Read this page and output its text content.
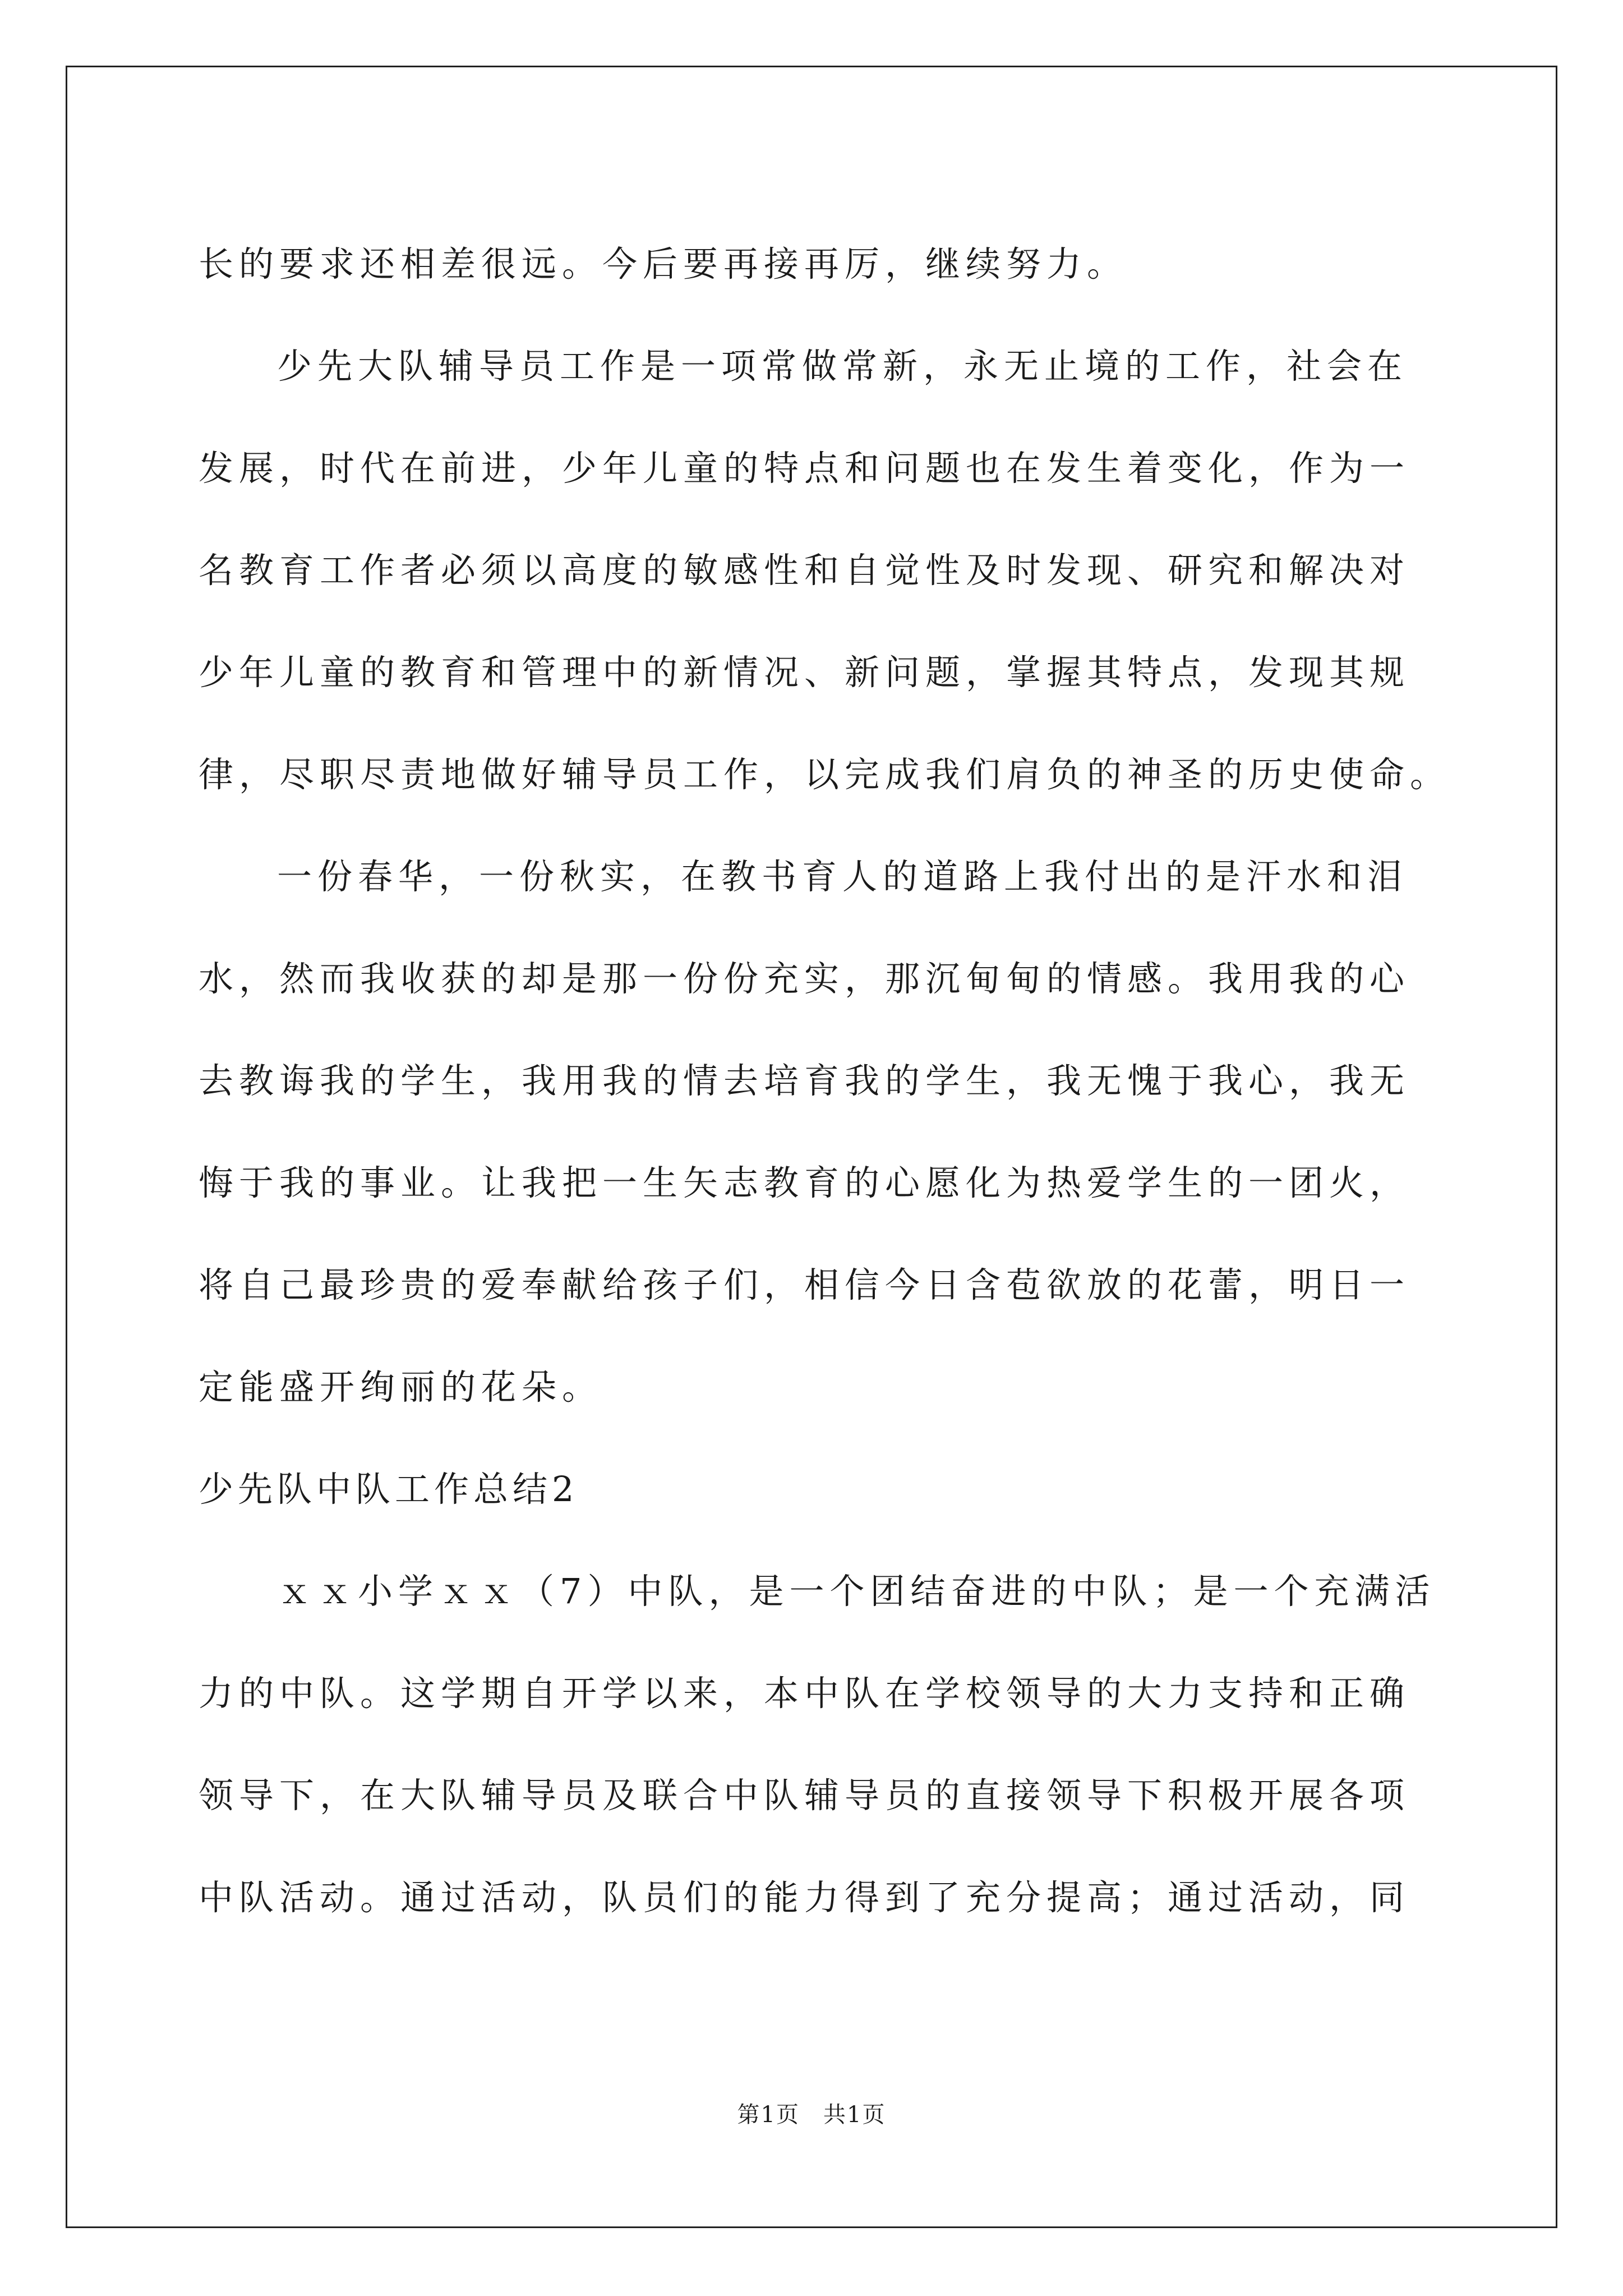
长的要求还相差很远。今后要再接再厉，继续努力。
少先大队辅导员工作是一项常做常新，永无止境的工作，社会在
发展，时代在前进，少年儿童的特点和问题也在发生着变化，作为一
名教育工作者必须以高度的敏感性和自觉性及时发现、研究和解决对
少年儿童的教育和管理中的新情况、新问题，掌握其特点，发现其规
律，尽职尽责地做好辅导员工作，以完成我们肩负的神圣的历史使命。
一份春华，一份秋实，在教书育人的道路上我付出的是汗水和泪
水，然而我收获的却是那一份份充实，那沉甸甸的情感。我用我的心
去教诲我的学生，我用我的情去培育我的学生，我无愧于我心，我无
悔于我的事业。让我把一生矢志教育的心愿化为热爱学生的一团火，
将自己最珍贵的爱奉献给孩子们，相信今日含苞欲放的花蕾，明日一
定能盛开绚丽的花朵。
少先队中队工作总结2
ｘｘ小学ｘｘ（7）中队，是一个团结奋进的中队；是一个充满活
力的中队。这学期自开学以来，本中队在学校领导的大力支持和正确
领导下，在大队辅导员及联合中队辅导员的直接领导下积极开展各项
中队活动。通过活动，队员们的能力得到了充分提高；通过活动，同
第1页　共1页
